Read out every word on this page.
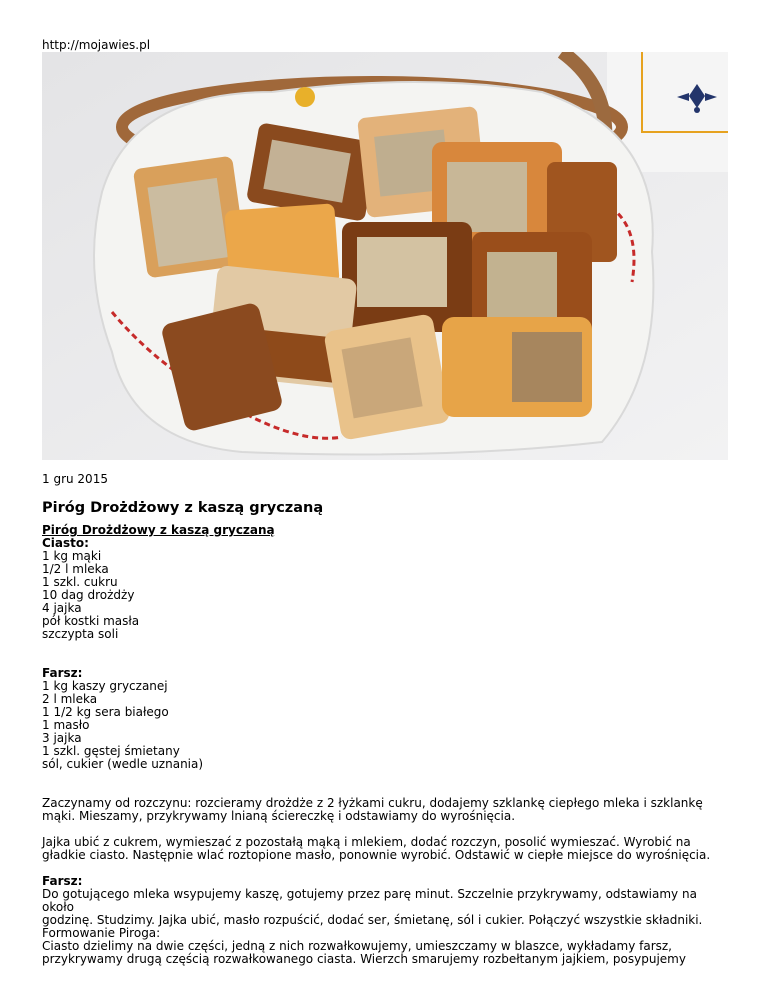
http://mojawies.pl
1 gru 2015
Piróg Drożdżowy z kaszą gryczaną

Piróg Drożdżowy z kaszą gryczaną

Ciasto:

1 kg mąki

1/2 l mleka

1 szkl. cukru

10 dag drożdży

4 jajka

pół kostki masła

szczypta soli

Farsz:

1 kg kaszy gryczanej

2 l mleka

1 1/2 kg sera białego

1 masło

3 jajka

1 szkl. gęstej śmietany

sól, cukier (wedle uznania)

Zaczynamy od rozczynu: rozcieramy drożdże z 2 łyżkami cukru, dodajemy szklankę ciepłego mleka i szklankę

mąki. Mieszamy, przykrywamy lnianą ściereczkę i odstawiamy do wyrośnięcia.

Jajka ubić z cukrem, wymieszać z pozostałą mąką i mlekiem, dodać rozczyn, posolić wymieszać. Wyrobić na

gładkie ciasto. Następnie wlać roztopione masło, ponownie wyrobić. Odstawić w ciepłe miejsce do wyrośnięcia.

Farsz:

Do gotującego mleka wsypujemy kaszę, gotujemy przez parę minut. Szczelnie przykrywamy, odstawiamy na około

godzinę. Studzimy. Jajka ubić, masło rozpuścić, dodać ser, śmietanę, sól i cukier. Połączyć wszystkie składniki.

Formowanie Piroga:

Ciasto dzielimy na dwie części, jedną z nich rozwałkowujemy, umieszczamy w blaszce, wykładamy farsz,

przykrywamy drugą częścią rozwałkowanego ciasta. Wierzch smarujemy rozbełtanym jajkiem, posypujemy
